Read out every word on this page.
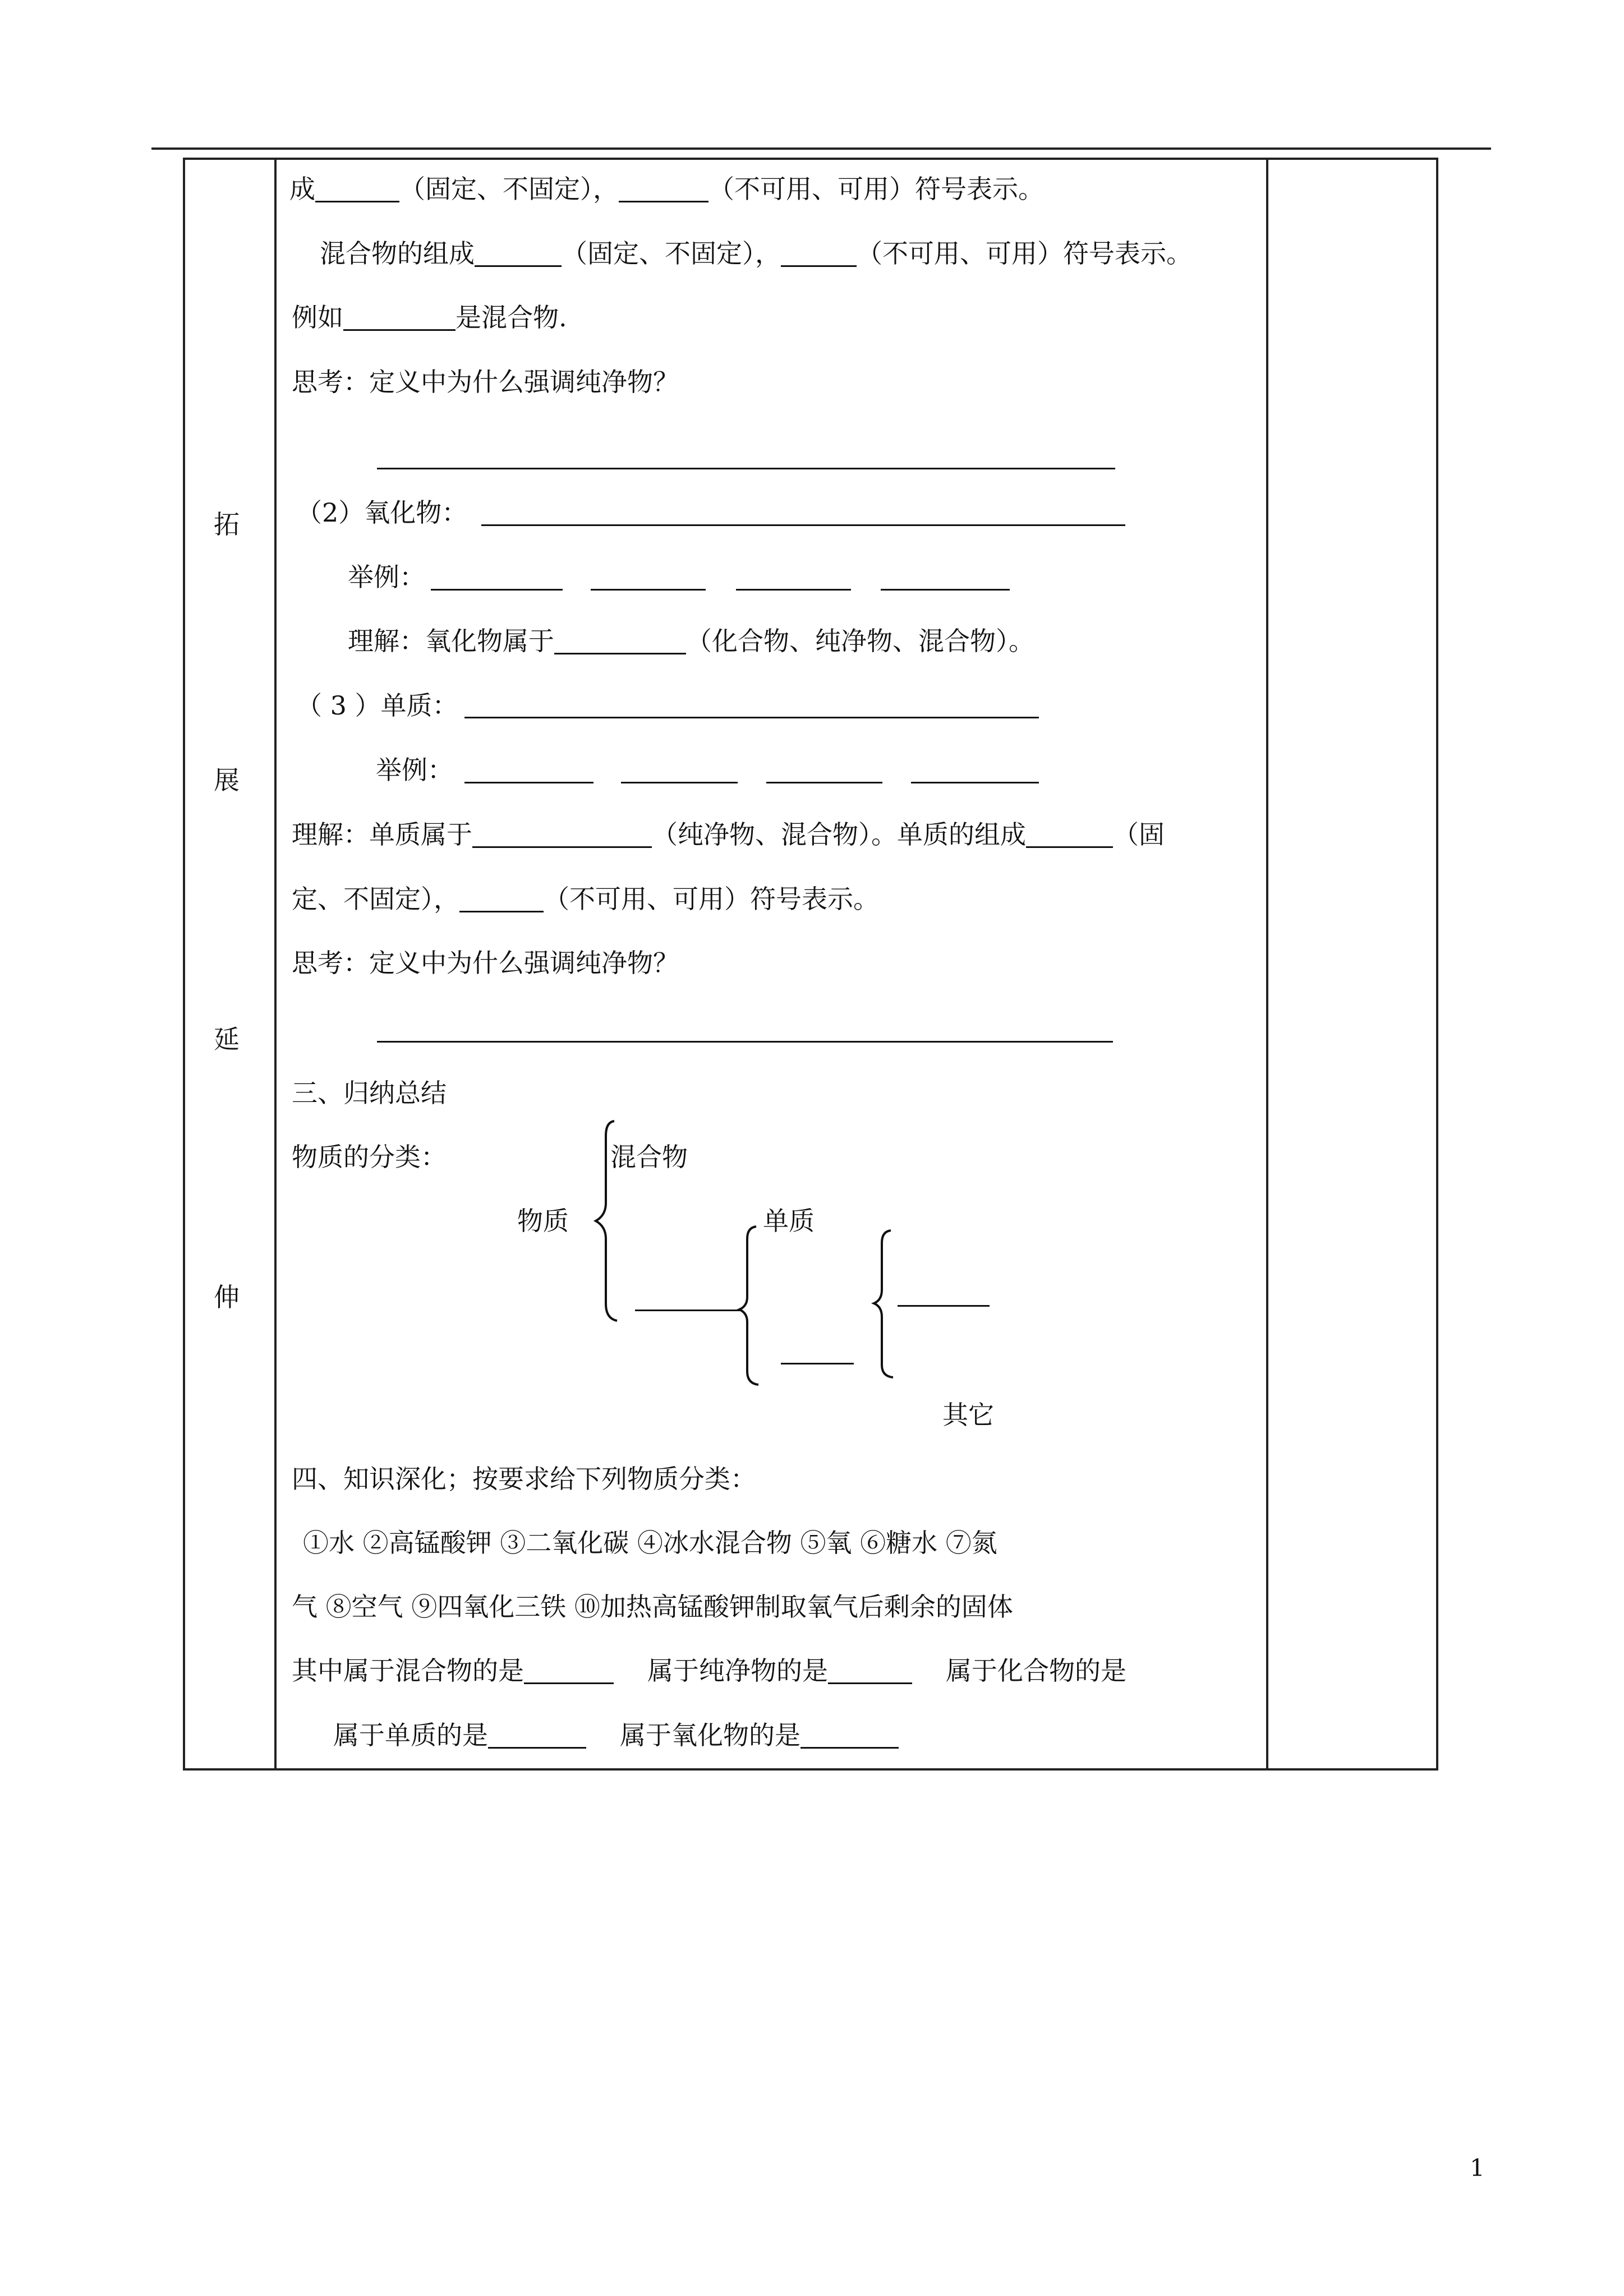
拓
展
延
伸
成	（固定、不固定），	（不可用、可用）符号表示。
混合物的组成	（固定、不固定），	（不可用、可用）符号表示。
例如	是混合物.
思考：定义中为什么强调纯净物？
（2）氧化物：
举例：
理解：氧化物属于	（化合物、纯净物、混合物）。
（ 3 ）单质：
举例：
理解：单质属于	（纯净物、混合物）。单质的组成	（固
定、不固定），	（不可用、可用）符号表示。
思考：定义中为什么强调纯净物？
三、归纳总结
物质的分类：	混合物
物质	单质
其它
四、知识深化；按要求给下列物质分类：
①水 ②高锰酸钾 ③二氧化碳 ④冰水混合物 ⑤氧 ⑥糖水 ⑦氮
气 ⑧空气 ⑨四氧化三铁 ⑩加热高锰酸钾制取氧气后剩余的固体
其中属于混合物的是	属于纯净物的是	属于化合物的是
属于单质的是	属于氧化物的是
1
